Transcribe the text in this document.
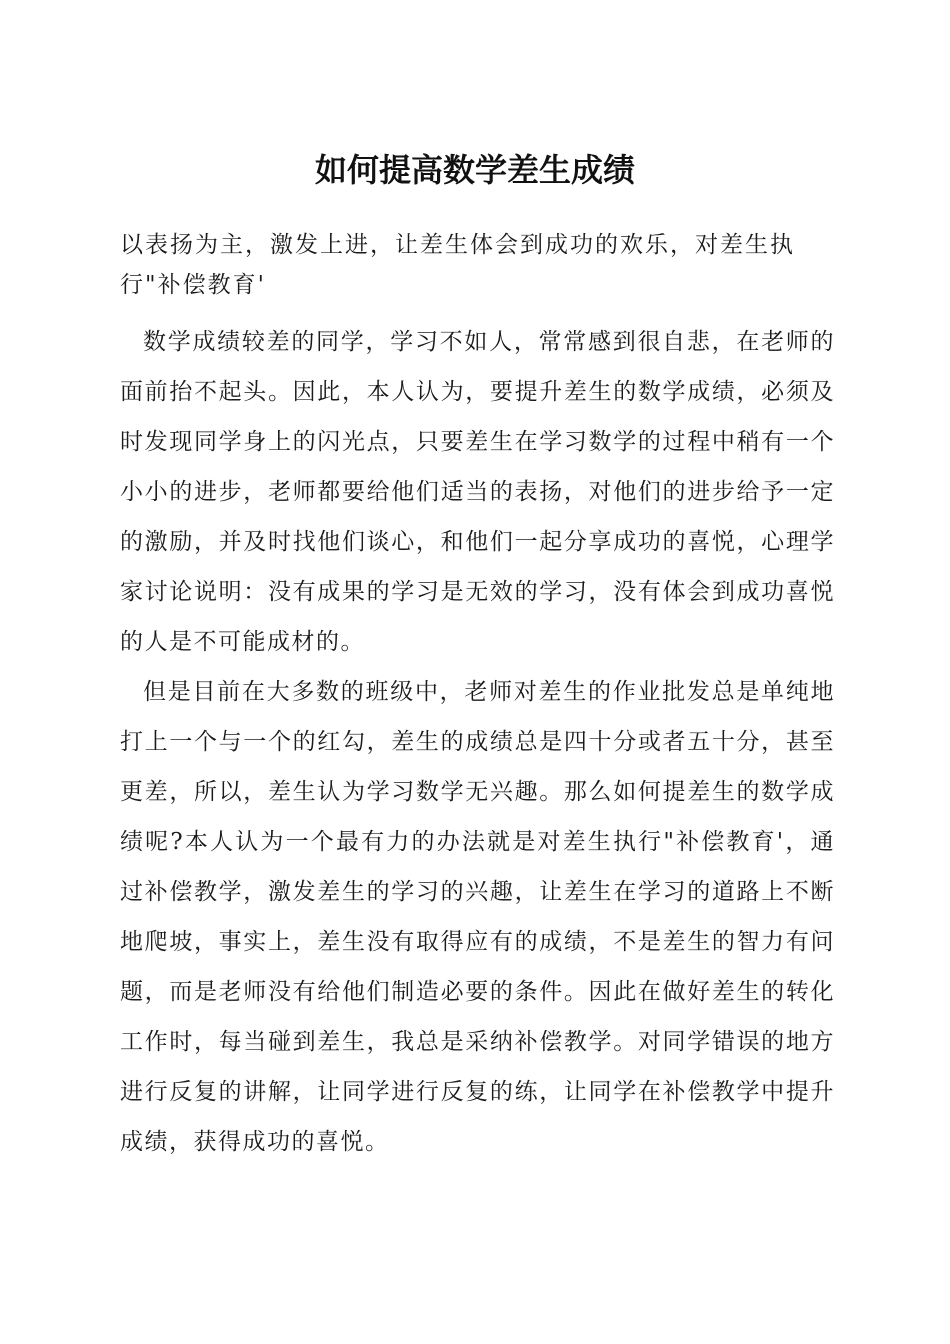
如何提高数学差生成绩

以表扬为主，激发上进，让差生体会到成功的欢乐，对差生执行"补偿教育'

数学成绩较差的同学，学习不如人，常常感到很自悲，在老师的面前抬不起头。因此，本人认为，要提升差生的数学成绩，必须及时发现同学身上的闪光点，只要差生在学习数学的过程中稍有一个小小的进步，老师都要给他们适当的表扬，对他们的进步给予一定的激励，并及时找他们谈心，和他们一起分享成功的喜悦，心理学家讨论说明：没有成果的学习是无效的学习，没有体会到成功喜悦的人是不可能成材的。

但是目前在大多数的班级中，老师对差生的作业批发总是单纯地打上一个与一个的红勾，差生的成绩总是四十分或者五十分，甚至更差，所以，差生认为学习数学无兴趣。那么如何提差生的数学成绩呢?本人认为一个最有力的办法就是对差生执行"补偿教育'，通过补偿教学，激发差生的学习的兴趣，让差生在学习的道路上不断地爬坡，事实上，差生没有取得应有的成绩，不是差生的智力有问题，而是老师没有给他们制造必要的条件。因此在做好差生的转化工作时，每当碰到差生，我总是采纳补偿教学。对同学错误的地方进行反复的讲解，让同学进行反复的练，让同学在补偿教学中提升成绩，获得成功的喜悦。
